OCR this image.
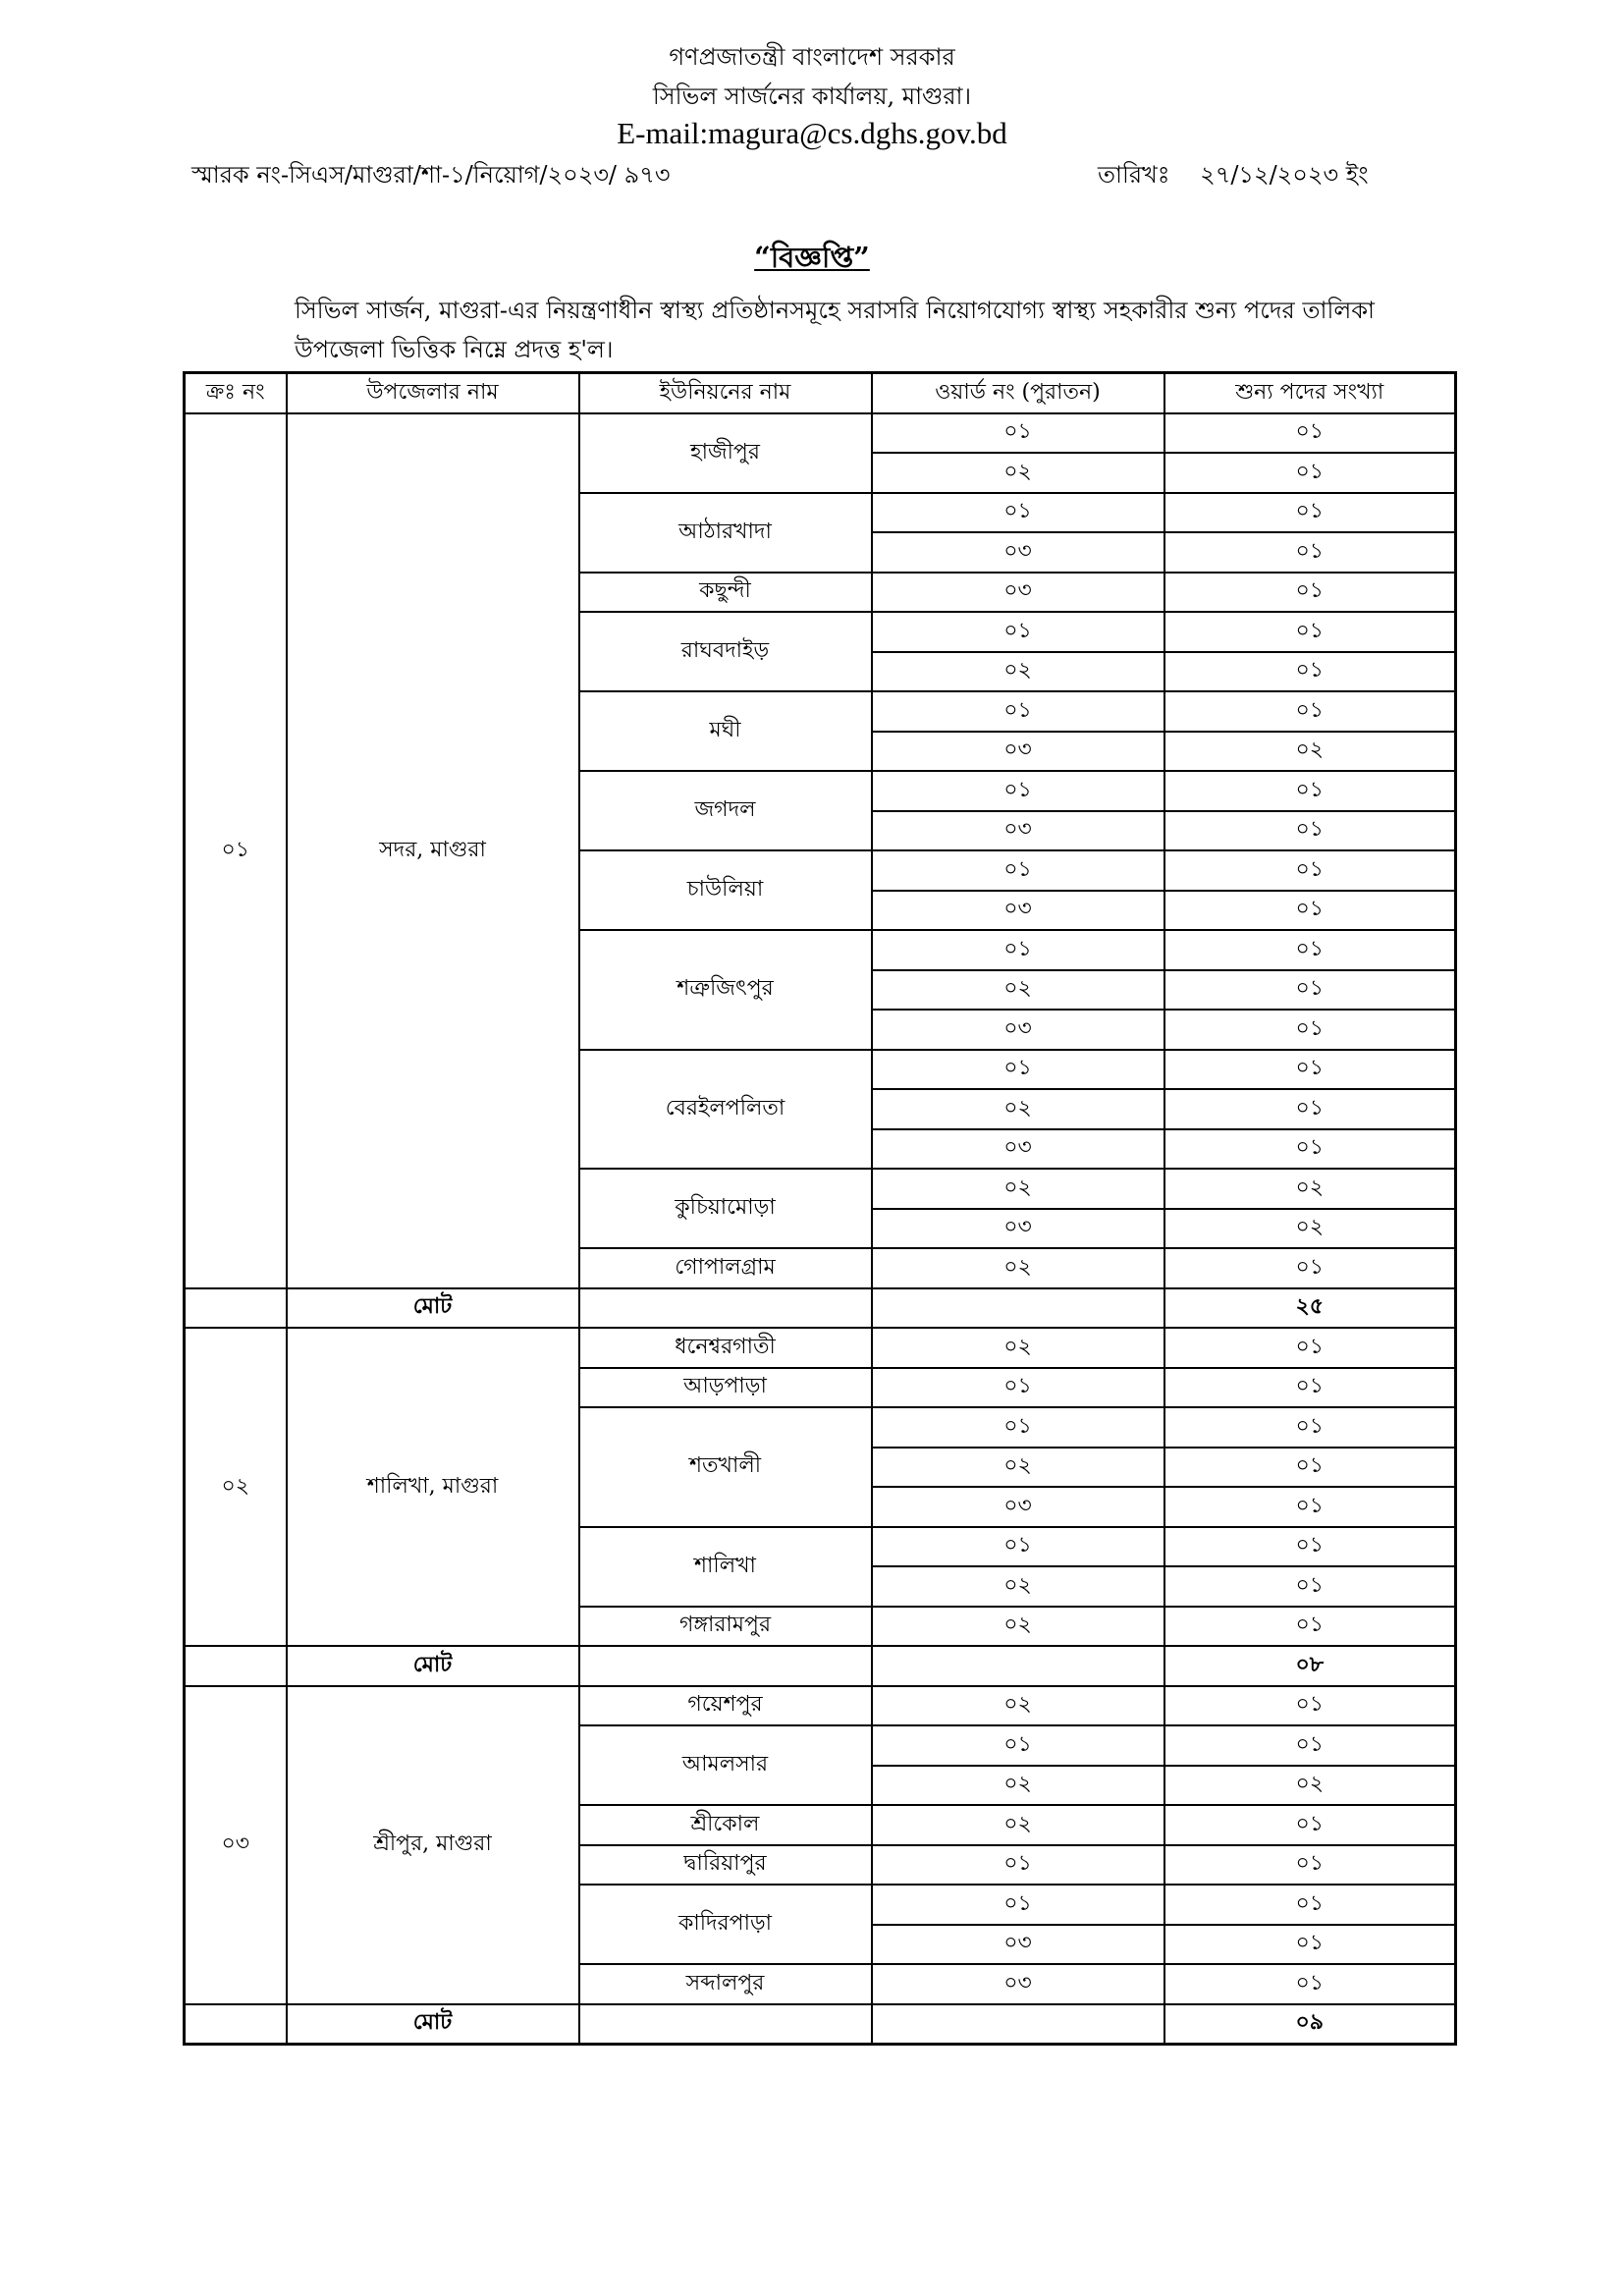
গণপ্রজাতন্ত্রী বাংলাদেশ সরকার
সিভিল সার্জনের কার্যালয়, মাগুরা।
E-mail:magura@cs.dghs.gov.bd
স্মারক নং-সিএস/মাগুরা/শা-১/নিয়োগ/২০২৩/ ৯৭৩	তারিখঃ    ২৭/১২/২০২৩ ইং
“বিজ্ঞপ্তি”
সিভিল সার্জন, মাগুরা-এর নিয়ন্ত্রণাধীন স্বাস্থ্য প্রতিষ্ঠানসমূহে সরাসরি নিয়োগযোগ্য স্বাস্থ্য সহকারীর শুন্য পদের তালিকা উপজেলা ভিত্তিক নিম্নে প্রদত্ত হ'ল।
ক্রঃ নং	উপজেলার নাম	ইউনিয়নের নাম	ওয়ার্ড নং (পুরাতন)	শুন্য পদের সংখ্যা
০১	সদর, মাগুরা	হাজীপুর	০১	০১
			০২	০১
		আঠারখাদা	০১	০১
			০৩	০১
		কছুন্দী	০৩	০১
		রাঘবদাইড়	০১	০১
			০২	০১
		মঘী	০১	০১
			০৩	০২
		জগদল	০১	০১
			০৩	০১
		চাউলিয়া	০১	০১
			০৩	০১
		শত্রুজিৎপুর	০১	০১
			০২	০১
			০৩	০১
		বেরইলপলিতা	০১	০১
			০২	০১
			০৩	০১
		কুচিয়ামোড়া	০২	০২
			০৩	০২
		গোপালগ্রাম	০২	০১
	মোট			২৫
০২	শালিখা, মাগুরা	ধনেশ্বরগাতী	০২	০১
		আড়পাড়া	০১	০১
		শতখালী	০১	০১
			০২	০১
			০৩	০১
		শালিখা	০১	০১
			০২	০১
		গঙ্গারামপুর	০২	০১
	মোট			০৮
০৩	শ্রীপুর, মাগুরা	গয়েশপুর	০২	০১
		আমলসার	০১	০১
			০২	০২
		শ্রীকোল	০২	০১
		দ্বারিয়াপুর	০১	০১
		কাদিরপাড়া	০১	০১
			০৩	০১
		সব্দালপুর	০৩	০১
	মোট			০৯
